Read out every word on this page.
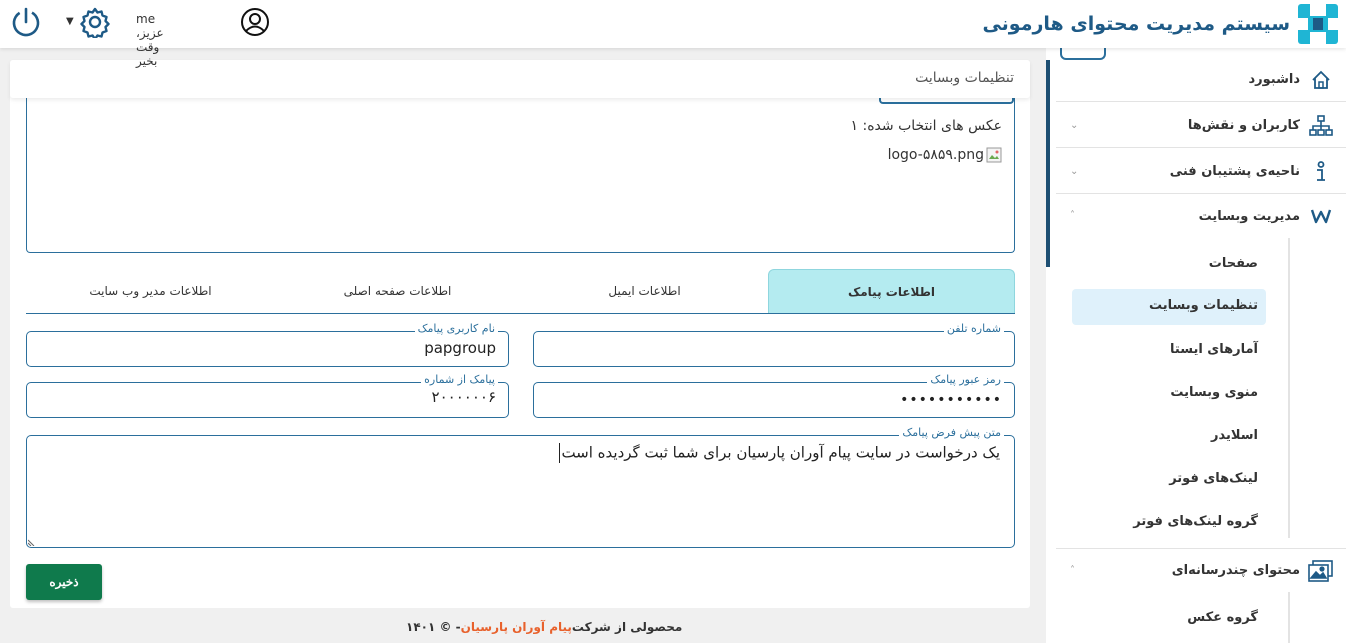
سیستم مدیریت محتوای هارمونی
▼	me عزیز، وقت بخیر
داشبورد
کاربران و نقش‌ها
⌄
ناحیه‌ی پشتیبان فنی
⌄
مدیریت وبسایت
˄
صفحات
تنظیمات وبسایت
آمارهای ایستا
منوی وبسایت
اسلایدر
لینک‌های فوتر
گروه لینک‌های فوتر
محتوای چندرسانه‌ای
˄
گروه عکس
تنظیمات وبسایت
عکس های انتخاب شده: ۱
logo-۵۸۵۹.png
اطلاعات پیامک
اطلاعات ایمیل
اطلاعات صفحه اصلی
اطلاعات مدیر وب سایت
شماره تلفن
نام کاربری پیامک
papgroup
رمز عبور پیامک
•••••••••••
پیامک از شماره
۲۰۰۰۰۰۰۶
متن پیش فرض پیامک
یک درخواست در سایت پیام آوران پارسیان برای شما ثبت گردیده است
ذخیره
محصولی از شرکت
پیام آوران پارسیان
- © ۱۴۰۱
